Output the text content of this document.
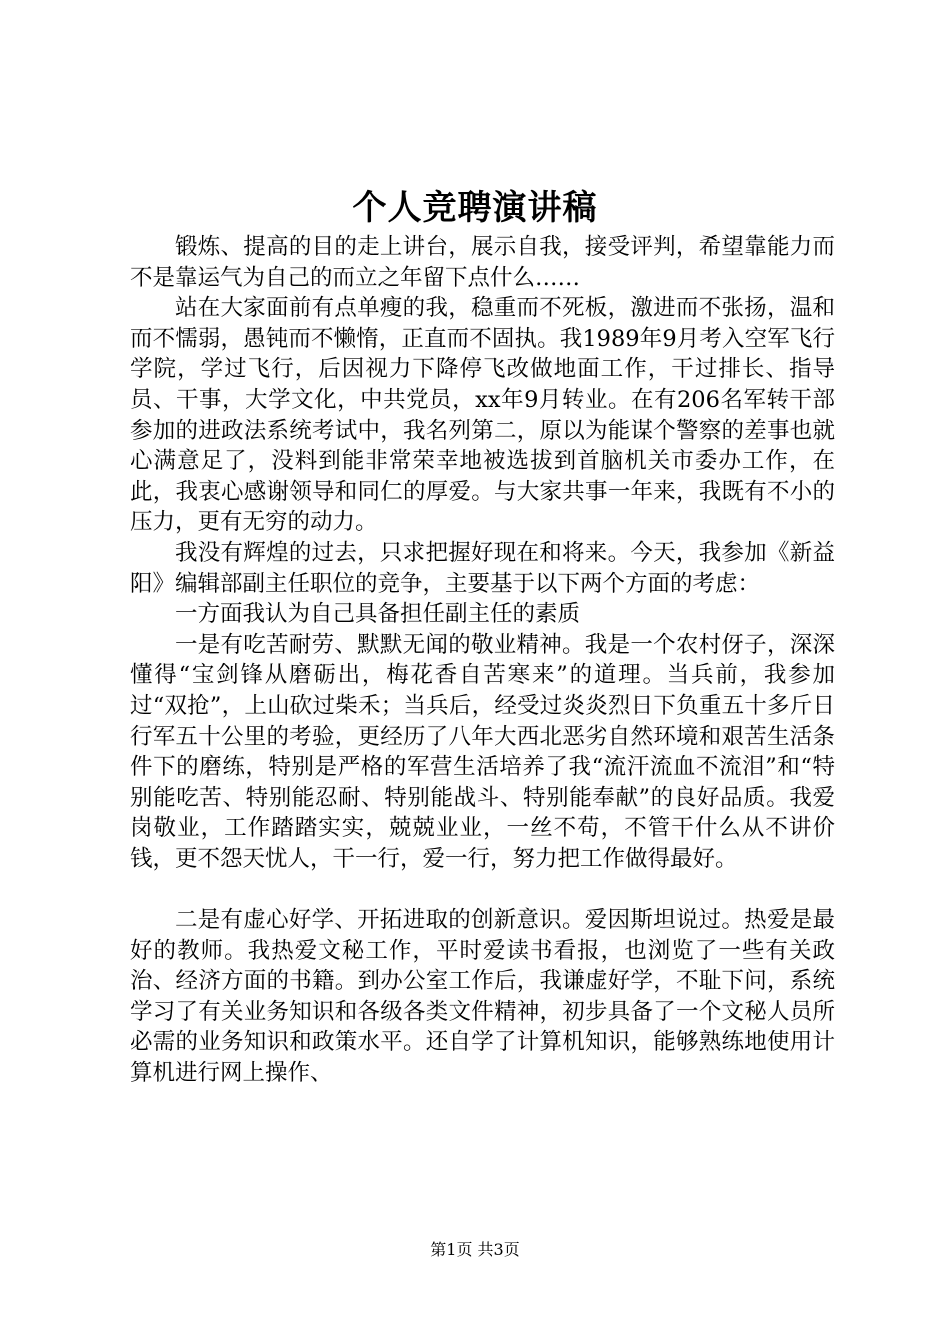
个人竞聘演讲稿

锻炼、提高的目的走上讲台，展示自我，接受评判，希望靠能力而不是靠运气为自己的而立之年留下点什么……

站在大家面前有点单瘦的我，稳重而不死板，激进而不张扬，温和而不懦弱，愚钝而不懒惰，正直而不固执。我1989年9月考入空军飞行学院，学过飞行，后因视力下降停飞改做地面工作，干过排长、指导员、干事，大学文化，中共党员，xx年9月转业。在有206名军转干部参加的进政法系统考试中，我名列第二，原以为能谋个警察的差事也就心满意足了，没料到能非常荣幸地被选拔到首脑机关市委办工作，在此，我衷心感谢领导和同仁的厚爱。与大家共事一年来，我既有不小的压力，更有无穷的动力。

我没有辉煌的过去，只求把握好现在和将来。今天，我参加《新益阳》编辑部副主任职位的竞争，主要基于以下两个方面的考虑：

一方面我认为自己具备担任副主任的素质

一是有吃苦耐劳、默默无闻的敬业精神。我是一个农村伢子，深深懂得“宝剑锋从磨砺出，梅花香自苦寒来”的道理。当兵前，我参加过“双抢”，上山砍过柴禾；当兵后，经受过炎炎烈日下负重五十多斤日行军五十公里的考验，更经历了八年大西北恶劣自然环境和艰苦生活条件下的磨练，特别是严格的军营生活培养了我“流汗流血不流泪”和“特别能吃苦、特别能忍耐、特别能战斗、特别能奉献”的良好品质。我爱岗敬业，工作踏踏实实，兢兢业业，一丝不苟，不管干什么从不讲价钱，更不怨天忧人，干一行，爱一行，努力把工作做得最好。

二是有虚心好学、开拓进取的创新意识。爱因斯坦说过。热爱是最好的教师。我热爱文秘工作，平时爱读书看报，也浏览了一些有关政治、经济方面的书籍。到办公室工作后，我谦虚好学，不耻下问，系统学习了有关业务知识和各级各类文件精神，初步具备了一个文秘人员所必需的业务知识和政策水平。还自学了计算机知识，能够熟练地使用计算机进行网上操作、

第1页 共3页
